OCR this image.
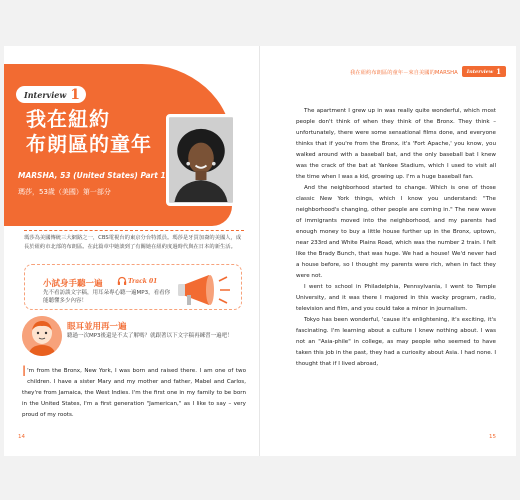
Interview 1
我在紐約
布朗區的童年
MARSHA, 53 (United States) Part 1
瑪莎，53歲（美國）第一部分
瑪莎為美國傳統三大網路之一，CBS電視台的東京分台特派員。瑪莎是牙買加裔的美國人，成長於紐約市北部的布朗區。在此篇章中她談到了有關她在紐約度過時代與在日本的新生活。
小試身手聽一遍	Track 01
先不看訪談文字稿，用耳朵專心聽一遍MP3，看看你能聽懂多少內容！
眼耳並用再一遍
聽過一次MP3後還是不太了解嗎？就跟著以下文字稿再練習一遍吧！
I 'm from the Bronx, New York, I was born and raised there. I am one of two children. I have a sister Mary and my mother and father, Mabel and Carlos, they're from Jamaica, the West Indies. I'm the first one in my family to be born in the United States, I'm a first generation "Jamerican," as I like to say – very proud of my roots.
14
我在紐約布朗區的童年－來自美國的MARSHA Interview 1

The apartment I grew up in was really quite wonderful, which most people don't think of when they think of the Bronx. They think – unfortunately, there were some sensational films done, and everyone thinks that if you're from the Bronx, it's 'Fort Apache,' you know, you walked around with a baseball bat, and the only baseball bat I knew was the crack of the bat at Yankee Stadium, which I used to visit all the time when I was a kid, growing up. I'm a huge baseball fan.

And the neighborhood started to change. Which is one of those classic New York things, which I know you understand: "The neighborhood's changing, other people are coming in." The new wave of immigrants moved into the neighborhood, and my parents had enough money to buy a little house further up in the Bronx, uptown, near 233rd and White Plains Road, which was the number 2 train. I felt like the Brady Bunch, that was huge. We had a house! We'd never had a house before, so I thought my parents were rich, when in fact they were not.

I went to school in Philadelphia, Pennsylvania, I went to Temple University, and it was there I majored in this wacky program, radio, television and film, and you could take a minor in journalism.

Tokyo has been wonderful, 'cause it's enlightening, it's exciting, it's fascinating. I'm learning about a culture I knew nothing about. I was not an "Asia-phile" in college, as may people who seemed to have taken this job in the past, they had a curiosity about Asia. I had none. I thought that if I lived abroad,

15
